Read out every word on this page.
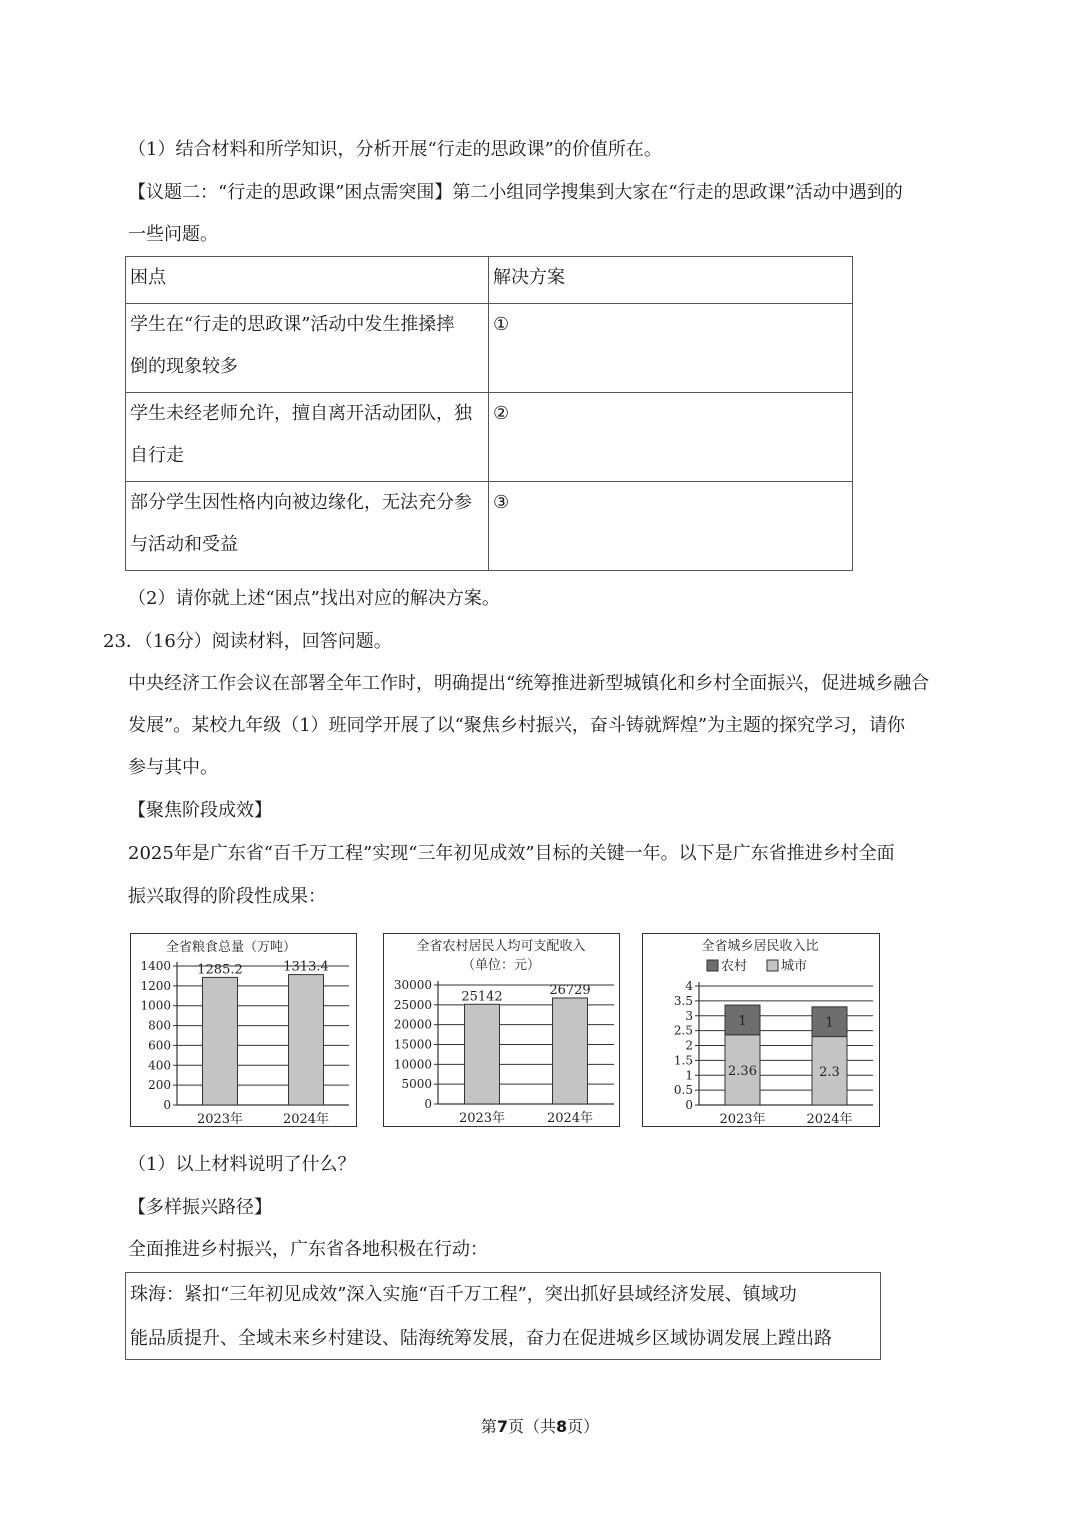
（1）结合材料和所学知识，分析开展“行走的思政课”的价值所在。
【议题二：“行走的思政课”困点需突围】第二小组同学搜集到大家在“行走的思政课”活动中遇到的
一些问题。
困点	解决方案

学生在“行走的思政课”活动中发生推搡摔
倒的现象较多	①

学生未经老师允许，擅自离开活动团队，独
自行走	②

部分学生因性格内向被边缘化，无法充分参
与活动和受益	③
（2）请你就上述“困点”找出对应的解决方案。
23．（16分）阅读材料，回答问题。
中央经济工作会议在部署全年工作时，明确提出“统筹推进新型城镇化和乡村全面振兴，促进城乡融合
发展”。某校九年级（1）班同学开展了以“聚焦乡村振兴，奋斗铸就辉煌”为主题的探究学习，请你
参与其中。
【聚焦阶段成效】
2025年是广东省“百千万工程”实现“三年初见成效”目标的关键一年。以下是广东省推进乡村全面
振兴取得的阶段性成果：
全省粮食总量（万吨）
0
200
400
600
800
1000
1200
1400 1285.2
2023年
1313.4
2024年
全省农村居民人均可支配收入
（单位：元）
0
5000
10000
15000
20000
25000
30000
25142
2023年
26729
2024年
全省城乡居民收入比
0
0.5
1
1.5
2
2.5
3
3.5
4
2.36
1
2023年
2.3
1
2024年
农村	城市
（1）以上材料说明了什么？
【多样振兴路径】
全面推进乡村振兴，广东省各地积极在行动：
珠海：紧扣“三年初见成效”深入实施“百千万工程”，突出抓好县域经济发展、镇域功
能品质提升、全域未来乡村建设、陆海统筹发展，奋力在促进城乡区域协调发展上蹚出路
第7页（共8页）
